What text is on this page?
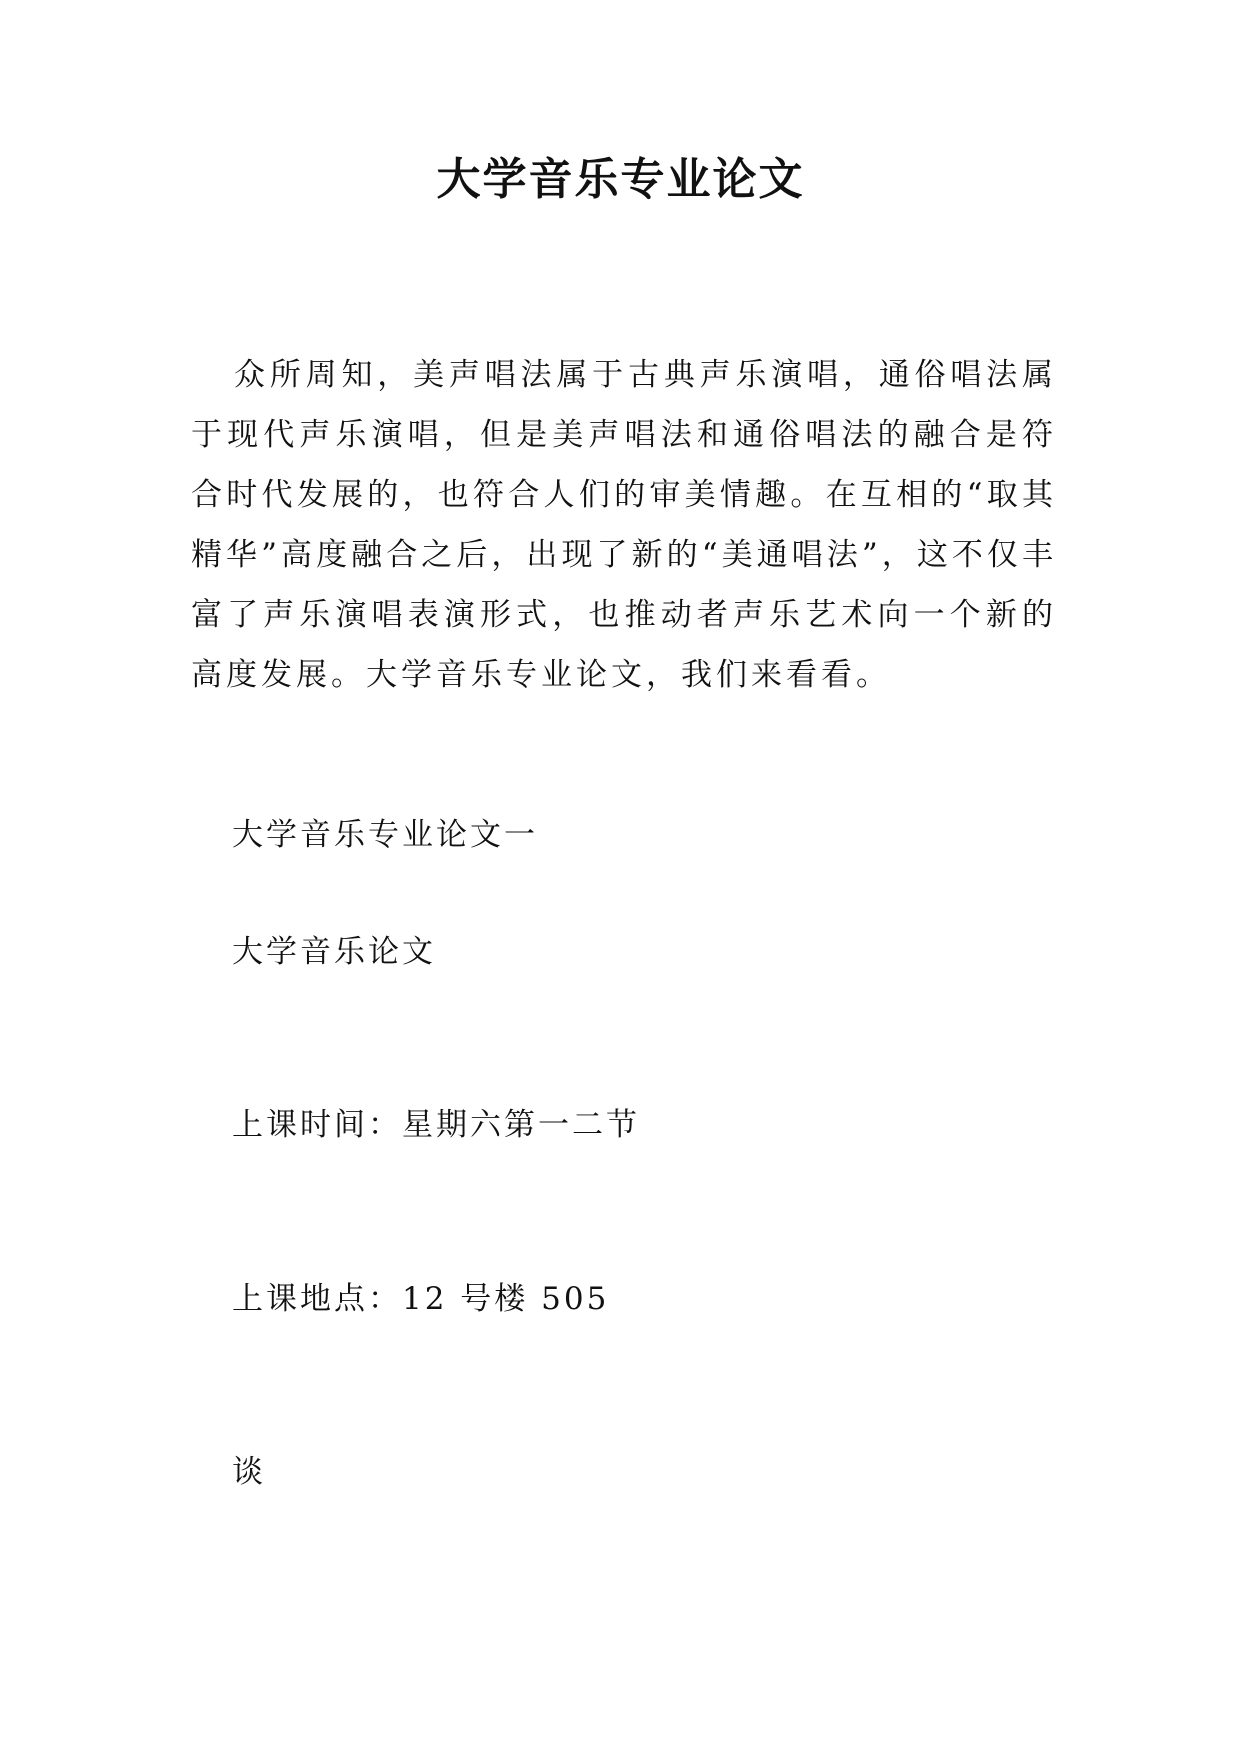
大学音乐专业论文

众所周知，美声唱法属于古典声乐演唱，通俗唱法属于现代声乐演唱，但是美声唱法和通俗唱法的融合是符合时代发展的，也符合人们的审美情趣。在互相的“取其精华”高度融合之后，出现了新的“美通唱法”，这不仅丰富了声乐演唱表演形式，也推动者声乐艺术向一个新的高度发展。大学音乐专业论文，我们来看看。

大学音乐专业论文一
大学音乐论文
上课时间：星期六第一二节
上课地点：12 号楼 505
谈
